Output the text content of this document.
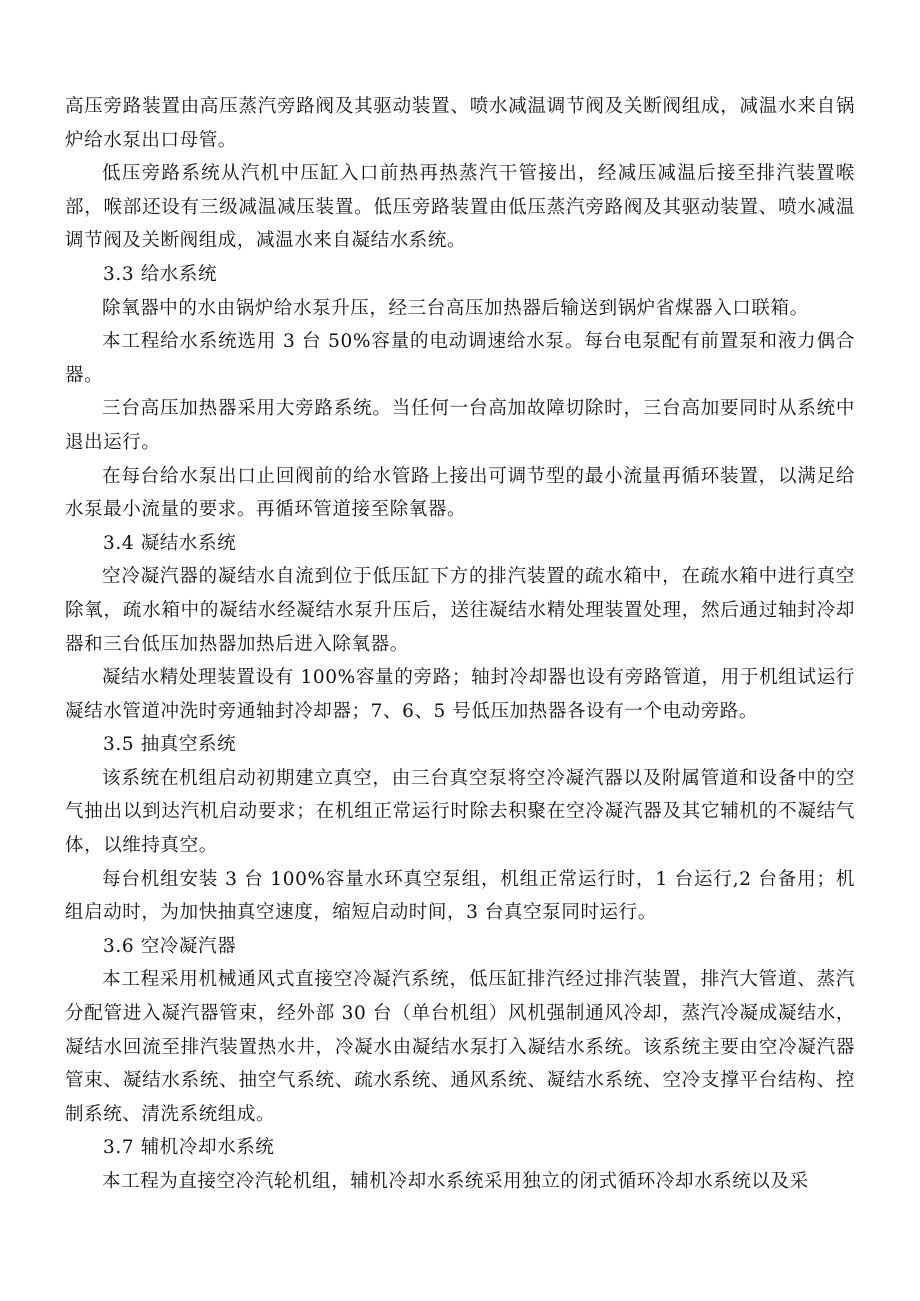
高压旁路装置由高压蒸汽旁路阀及其驱动装置、喷水减温调节阀及关断阀组成，减温水来自锅炉给水泵出口母管。

低压旁路系统从汽机中压缸入口前热再热蒸汽干管接出，经减压减温后接至排汽装置喉部，喉部还设有三级减温减压装置。低压旁路装置由低压蒸汽旁路阀及其驱动装置、喷水减温调节阀及关断阀组成，减温水来自凝结水系统。

3.3 给水系统

除氧器中的水由锅炉给水泵升压，经三台高压加热器后输送到锅炉省煤器入口联箱。

本工程给水系统选用 3 台 50%容量的电动调速给水泵。每台电泵配有前置泵和液力偶合器。

三台高压加热器采用大旁路系统。当任何一台高加故障切除时，三台高加要同时从系统中退出运行。

在每台给水泵出口止回阀前的给水管路上接出可调节型的最小流量再循环装置，以满足给水泵最小流量的要求。再循环管道接至除氧器。

3.4 凝结水系统

空冷凝汽器的凝结水自流到位于低压缸下方的排汽装置的疏水箱中，在疏水箱中进行真空除氧，疏水箱中的凝结水经凝结水泵升压后，送往凝结水精处理装置处理，然后通过轴封冷却器和三台低压加热器加热后进入除氧器。

凝结水精处理装置设有 100%容量的旁路；轴封冷却器也设有旁路管道，用于机组试运行凝结水管道冲洗时旁通轴封冷却器；7、6、5 号低压加热器各设有一个电动旁路。

3.5 抽真空系统

该系统在机组启动初期建立真空，由三台真空泵将空冷凝汽器以及附属管道和设备中的空气抽出以到达汽机启动要求；在机组正常运行时除去积聚在空冷凝汽器及其它辅机的不凝结气体，以维持真空。

每台机组安装 3 台 100%容量水环真空泵组，机组正常运行时，1 台运行,2 台备用；机组启动时，为加快抽真空速度，缩短启动时间，3 台真空泵同时运行。

3.6 空冷凝汽器

本工程采用机械通风式直接空冷凝汽系统，低压缸排汽经过排汽装置，排汽大管道、蒸汽分配管进入凝汽器管束，经外部 30 台（单台机组）风机强制通风冷却，蒸汽冷凝成凝结水，凝结水回流至排汽装置热水井，冷凝水由凝结水泵打入凝结水系统。该系统主要由空冷凝汽器管束、凝结水系统、抽空气系统、疏水系统、通风系统、凝结水系统、空冷支撑平台结构、控制系统、清洗系统组成。

3.7 辅机冷却水系统

本工程为直接空冷汽轮机组，辅机冷却水系统采用独立的闭式循环冷却水系统以及采
